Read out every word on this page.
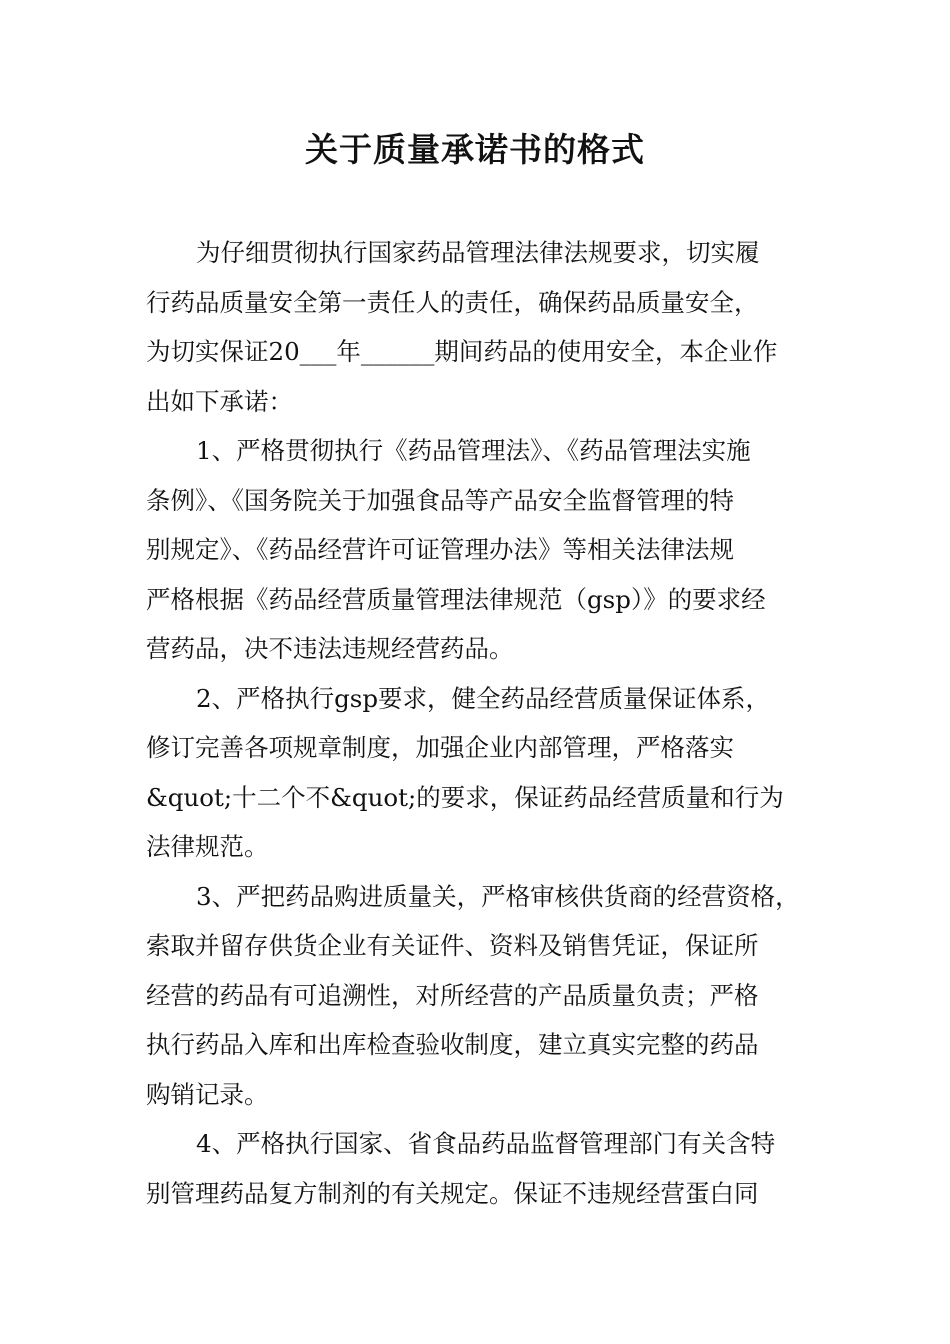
关于质量承诺书的格式
为仔细贯彻执行国家药品管理法律法规要求，切实履
行药品质量安全第一责任人的责任，确保药品质量安全，
为切实保证20___年______期间药品的使用安全，本企业作
出如下承诺：
1、严格贯彻执行《药品管理法》、《药品管理法实施
条例》、《国务院关于加强食品等产品安全监督管理的特
别规定》、《药品经营许可证管理办法》等相关法律法规
严格根据《药品经营质量管理法律规范（gsp）》的要求经
营药品，决不违法违规经营药品。
2、严格执行gsp要求，健全药品经营质量保证体系，
修订完善各项规章制度，加强企业内部管理，严格落实
&quot;十二个不&quot;的要求，保证药品经营质量和行为
法律规范。
3、严把药品购进质量关，严格审核供货商的经营资格，
索取并留存供货企业有关证件、资料及销售凭证，保证所
经营的药品有可追溯性，对所经营的产品质量负责；严格
执行药品入库和出库检查验收制度，建立真实完整的药品
购销记录。
4、严格执行国家、省食品药品监督管理部门有关含特
别管理药品复方制剂的有关规定。保证不违规经营蛋白同
